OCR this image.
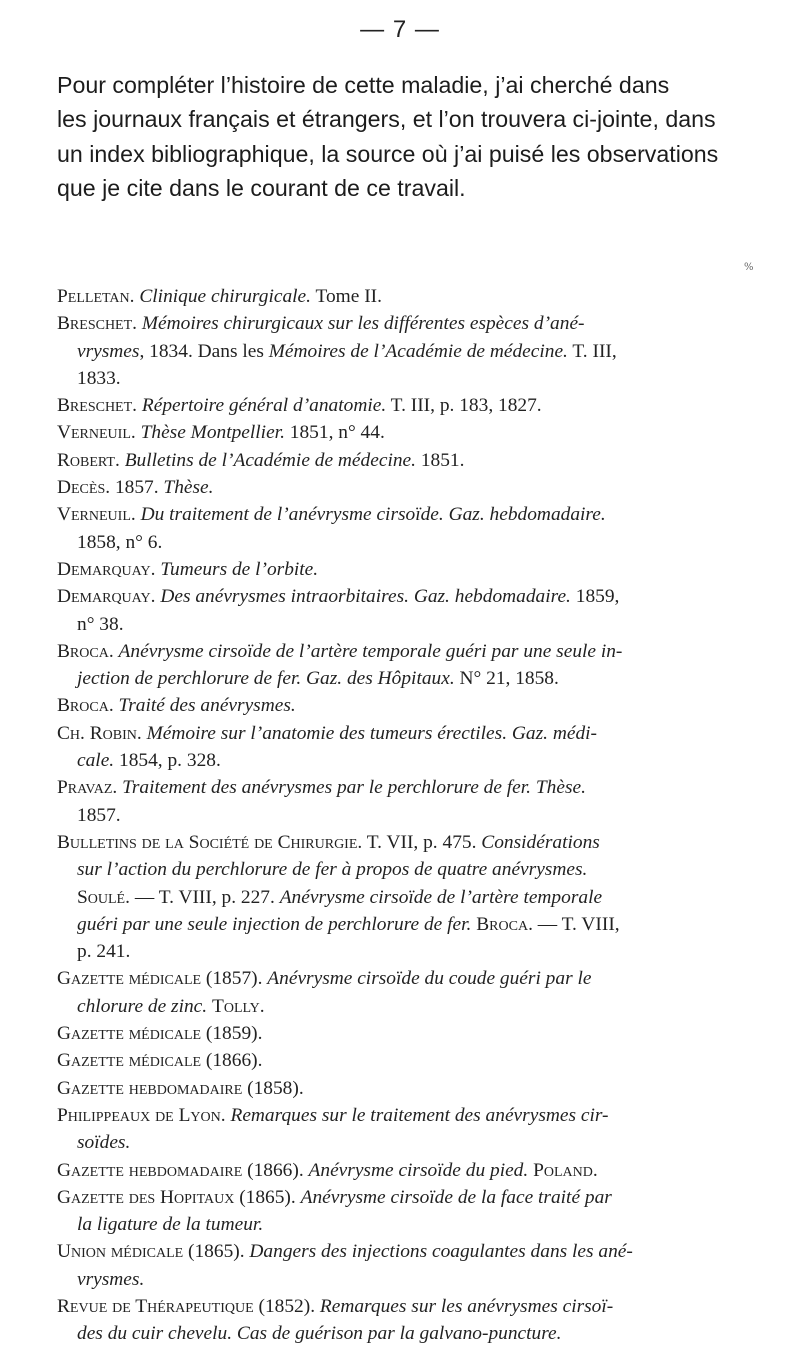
— 7 —
Pour compléter l’histoire de cette maladie, j’ai cherché dans
les journaux français et étrangers, et l’on trouvera ci-jointe, dans
un index bibliographique, la source où j’ai puisé les observations
que je cite dans le courant de ce travail.
%
Pelletan. Clinique chirurgicale. Tome II.
Breschet. Mémoires chirurgicaux sur les différentes espèces d’ané-
vrysmes, 1834. Dans les Mémoires de l’Académie de médecine. T. III,
1833.
Breschet. Répertoire général d’anatomie. T. III, p. 183, 1827.
Verneuil. Thèse Montpellier. 1851, n° 44.
Robert. Bulletins de l’Académie de médecine. 1851.
Decès. 1857. Thèse.
Verneuil. Du traitement de l’anévrysme cirsoïde. Gaz. hebdomadaire.
1858, n° 6.
Demarquay. Tumeurs de l’orbite.
Demarquay. Des anévrysmes intraorbitaires. Gaz. hebdomadaire. 1859,
n° 38.
Broca. Anévrysme cirsoïde de l’artère temporale guéri par une seule in-
jection de perchlorure de fer. Gaz. des Hôpitaux. N° 21, 1858.
Broca. Traité des anévrysmes.
Ch. Robin. Mémoire sur l’anatomie des tumeurs érectiles. Gaz. médi-
cale. 1854, p. 328.
Pravaz. Traitement des anévrysmes par le perchlorure de fer. Thèse.
1857.
Bulletins de la Société de Chirurgie. T. VII, p. 475. Considérations
sur l’action du perchlorure de fer à propos de quatre anévrysmes.
Soulé. — T. VIII, p. 227. Anévrysme cirsoïde de l’artère temporale
guéri par une seule injection de perchlorure de fer. Broca. — T. VIII,
p. 241.
Gazette médicale (1857). Anévrysme cirsoïde du coude guéri par le
chlorure de zinc. Tolly.
Gazette médicale (1859).
Gazette médicale (1866).
Gazette hebdomadaire (1858).
Philippeaux de Lyon. Remarques sur le traitement des anévrysmes cir-
soïdes.
Gazette hebdomadaire (1866). Anévrysme cirsoïde du pied. Poland.
Gazette des Hopitaux (1865). Anévrysme cirsoïde de la face traité par
la ligature de la tumeur.
Union médicale (1865). Dangers des injections coagulantes dans les ané-
vrysmes.
Revue de Thérapeutique (1852). Remarques sur les anévrysmes cirsoï-
des du cuir chevelu. Cas de guérison par la galvano-puncture.
